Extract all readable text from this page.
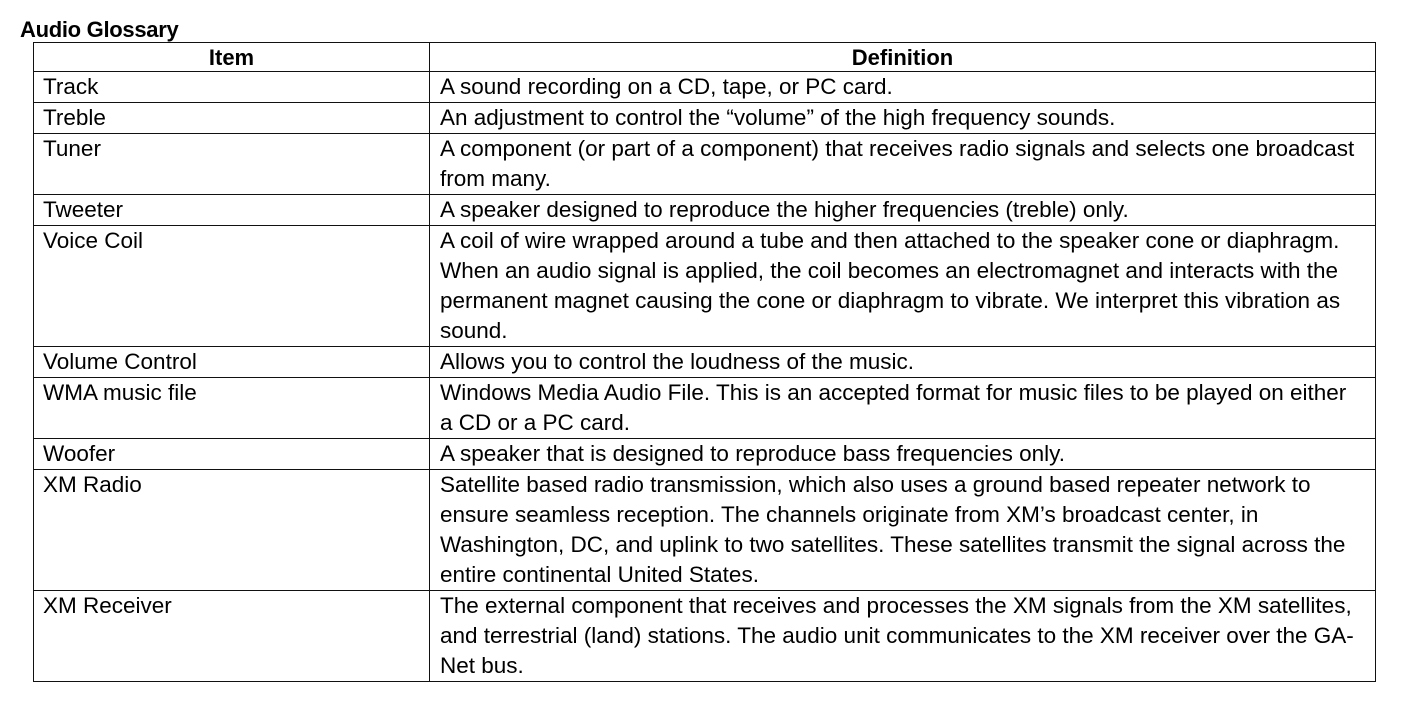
Audio Glossary
Item	Definition
Track	A sound recording on a CD, tape, or PC card.
Treble	An adjustment to control the “volume” of the high frequency sounds.
Tuner	A component (or part of a component) that receives radio signals and selects one broadcast from many.
Tweeter	A speaker designed to reproduce the higher frequencies (treble) only.
Voice Coil	A coil of wire wrapped around a tube and then attached to the speaker cone or diaphragm. When an audio signal is applied, the coil becomes an electromagnet and interacts with the permanent magnet causing the cone or diaphragm to vibrate. We interpret this vibration as sound.
Volume Control	Allows you to control the loudness of the music.
WMA music file	Windows Media Audio File. This is an accepted format for music files to be played on either a CD or a PC card.
Woofer	A speaker that is designed to reproduce bass frequencies only.
XM Radio	Satellite based radio transmission, which also uses a ground based repeater network to ensure seamless reception. The channels originate from XM’s broadcast center, in Washington, DC, and uplink to two satellites. These satellites transmit the signal across the entire continental United States.
XM Receiver	The external component that receives and processes the XM signals from the XM satellites, and terrestrial (land) stations. The audio unit communicates to the XM receiver over the GA-Net bus.
